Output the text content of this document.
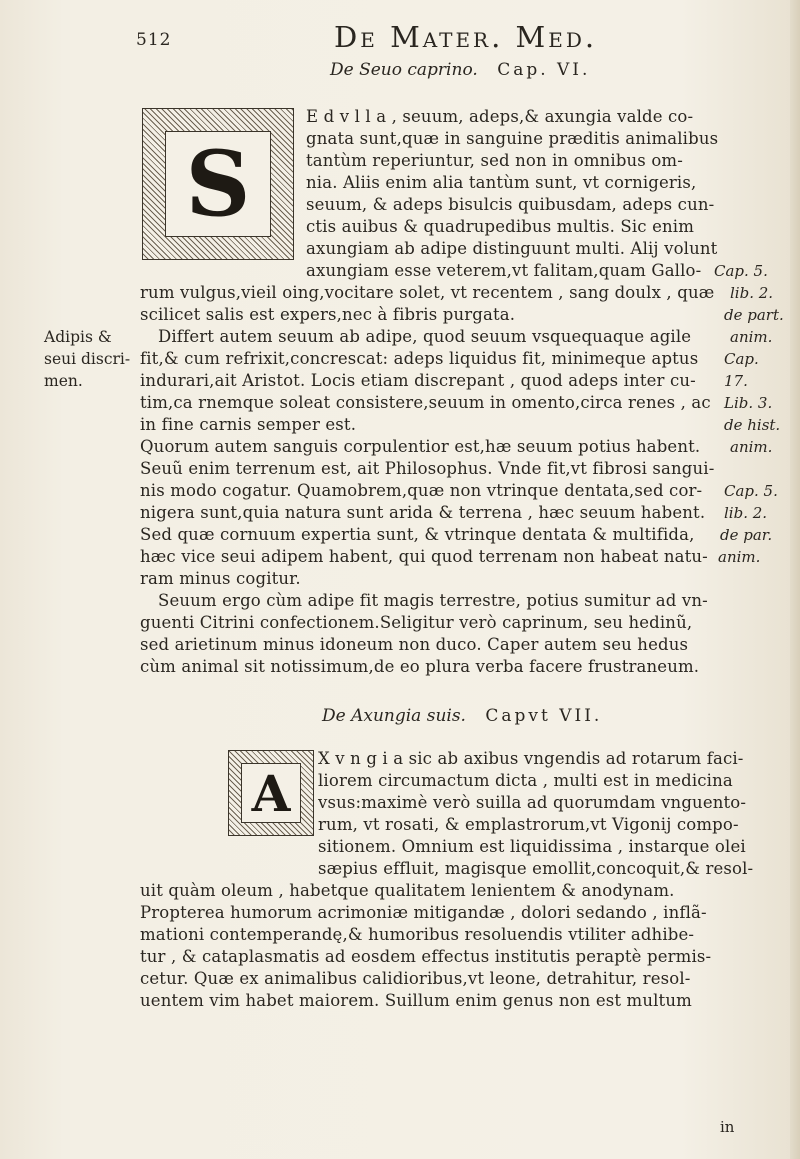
512	De Mater. Med.
De Seuo caprino. Cap. VI.
S
E d v l l a , seuum, adeps,& axungia valde co-
gnata sunt,quæ in sanguine præditis animalibus
tantùm reperiuntur, sed non in omnibus om-
nia. Aliis enim alia tantùm sunt, vt cornigeris,
seuum, & adeps bisulcis quibusdam, adeps cun-
ctis auibus & quadrupedibus multis. Sic enim
axungiam ab adipe distinguunt multi. Alij volunt
axungiam esse veterem,vt falitam,quam Gallo-
rum vulgus,vieil oing,vocitare solet, vt recentem , sang doulx , quæ
scilicet salis est expers,nec à fibris purgata.
Differt autem seuum ab adipe, quod seuum vsquequaque agile
fit,& cum refrixit,concrescat: adeps liquidus fit, minimeque aptus
indurari,ait Aristot. Locis etiam discrepant , quod adeps inter cu-
tim,ca rnemque soleat consistere,seuum in omento,circa renes , ac
in fine carnis semper est.
Quorum autem sanguis corpulentior est,hæ seuum potius habent.
Seuũ enim terrenum est, ait Philosophus. Vnde fit,vt fibrosi sangui-
nis modo cogatur. Quamobrem,quæ non vtrinque dentata,sed cor-
nigera sunt,quia natura sunt arida & terrena , hæc seuum habent.
Sed quæ cornuum expertia sunt, & vtrinque dentata & multifida,
hæc vice seui adipem habent, qui quod terrenam non habeat natu-
ram minus cogitur.
Seuum ergo cùm adipe fit magis terrestre, potius sumitur ad vn-
guenti Citrini confectionem.Seligitur verò caprinum, seu hedinũ,
sed arietinum minus idoneum non duco. Caper autem seu hedus
cùm animal sit notissimum,de eo plura verba facere frustraneum.
De Axungia suis. Capvt VII.
A
X v n g i a sic ab axibus vngendis ad rotarum faci-
liorem circumactum dicta , multi est in medicina
vsus:maximè verò suilla ad quorumdam vnguento-
rum, vt rosati, & emplastrorum,vt Vigonij compo-
sitionem. Omnium est liquidissima , instarque olei
sæpius effluit, magisque emollit,concoquit,& resol-
uit quàm oleum , habetque qualitatem lenientem & anodynam.
Propterea humorum acrimoniæ mitigandæ , dolori sedando , inflã-
mationi contemperandę,& humoribus resoluendis vtiliter adhibe-
tur , & cataplasmatis ad eosdem effectus institutis peraptè permis-
cetur. Quæ ex animalibus calidioribus,vt leone, detrahitur, resol-
uentem vim habet maiorem. Suillum enim genus non est multum
Adipis &
seui discri-
men.
Cap. 5.
lib. 2.
de part.
anim.
Cap.
17.
Lib. 3.
de hist.
anim.
Cap. 5.
lib. 2.
de par.
anim.
in
